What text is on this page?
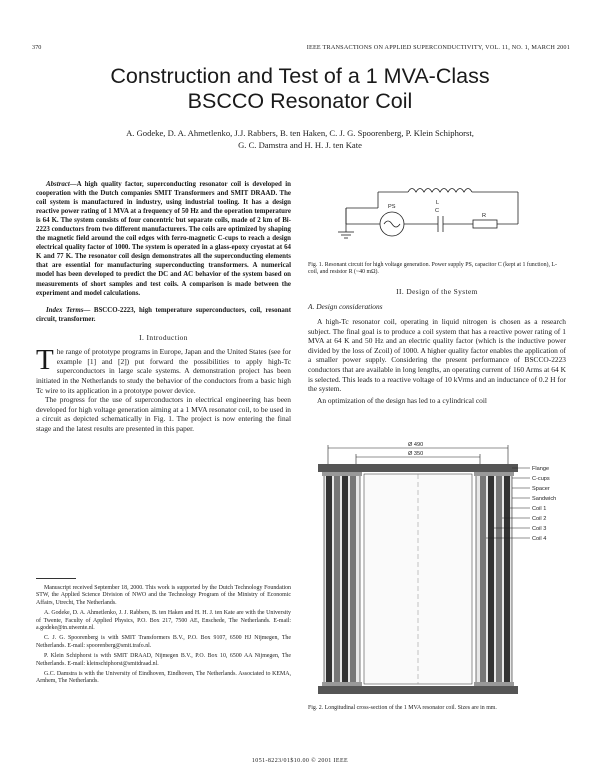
370	IEEE TRANSACTIONS ON APPLIED SUPERCONDUCTIVITY, VOL. 11, NO. 1, MARCH 2001
Construction and Test of a 1 MVA-Class
BSCCO Resonator Coil
A. Godeke, D. A. Ahmetlenko, J.J. Rabbers, B. ten Haken, C. J. G. Spoorenberg, P. Klein Schiphorst,
G. C. Damstra and H. H. J. ten Kate

Abstract—A high quality factor, superconducting resonator coil is developed in cooperation with the Dutch companies SMIT Transformers and SMIT DRAAD. The coil system is manufactured in industry, using industrial tooling. It has a design reactive power rating of 1 MVA at a frequency of 50 Hz and the operation temperature is 64 K. The system consists of four concentric but separate coils, made of 2 km of Bi-2223 conductors from two different manufacturers. The coils are optimized by shaping the magnetic field around the coil edges with ferro-magnetic C-cups to reach a design electrical quality factor of 1000. The system is operated in a glass-epoxy cryostat at 64 K and 77 K. The resonator coil design demonstrates all the superconducting elements that are essential for manufacturing superconducting transformers. A numerical model has been developed to predict the DC and AC behavior of the system based on measurements of short samples and test coils. A comparison is made between the experiment and model calculations.

Index Terms— BSCCO-2223, high temperature superconductors, coil, resonant circuit, transformer.

I. Introduction

The range of prototype programs in Europe, Japan and the United States (see for example [1] and [2]) put forward the possibilities to apply high-Tc superconductors in large scale systems. A demonstration project has been initiated in the Netherlands to study the behavior of the conductors from a basic high Tc wire to its application in a prototype power device.

The progress for the use of superconductors in electrical engineering has been developed for high voltage generation aiming at a 1 MVA resonator coil, to be used in a circuit as depicted schematically in Fig. 1. The project is now entering the final stage and the latest results are presented in this paper.

Manuscript received September 18, 2000. This work is supported by the Dutch Technology Foundation STW, the Applied Science Division of NWO and the Technology Program of the Ministry of Economic Affairs, Utrecht, The Netherlands.

A. Godeke, D. A. Ahmetlenko, J. J. Rabbers, B. ten Haken and H. H. J. ten Kate are with the University of Twente, Faculty of Applied Physics, P.O. Box 217, 7500 AE, Enschede, The Netherlands. E-mail: a.godeke@tn.utwente.nl.

C. J. G. Spoorenberg is with SMIT Transformers B.V., P.O. Box 9107, 6500 HJ Nijmegen, The Netherlands. E-mail: spoorenberg@smit.trafo.nl.

P. Klein Schiphorst is with SMIT DRAAD, Nijmegen B.V., P.O. Box 10, 6500 AA Nijmegen, The Netherlands. E-mail: kleinschiphorst@smitdraad.nl.

G.C. Damstra is with the University of Eindhoven, Eindhoven, The Netherlands. Associated to KEMA, Arnhem, The Netherlands.

PS
L
C
R
Fig. 1. Resonant circuit for high voltage generation. Power supply PS, capacitor C (kept at 1 function), L-coil, and resistor R (~40 mΩ).
II. Design of the System
A. Design considerations

A high-Tc resonator coil, operating in liquid nitrogen is chosen as a research subject. The final goal is to produce a coil system that has a reactive power rating of 1 MVA at 64 K and 50 Hz and an electric quality factor (which is the inductive power divided by the loss of Zcoil) of 1000. A higher quality factor enables the application of a smaller power supply. Considering the present performance of BSCCO-2223 conductors that are available in long lengths, an operating current of 160 Arms at 64 K is selected. This leads to a reactive voltage of 10 kVrms and an inductance of 0.2 H for the system.

An optimization of the design has led to a cylindrical coil

Ø 490
Ø 350
Flange
C-cups
Spacer
Sandwich
Coil 1
Coil 2
Coil 3
Coil 4
Fig. 2. Longitudinal cross-section of the 1 MVA resonator coil. Sizes are in mm.
1051-8223/01$10.00 © 2001 IEEE
